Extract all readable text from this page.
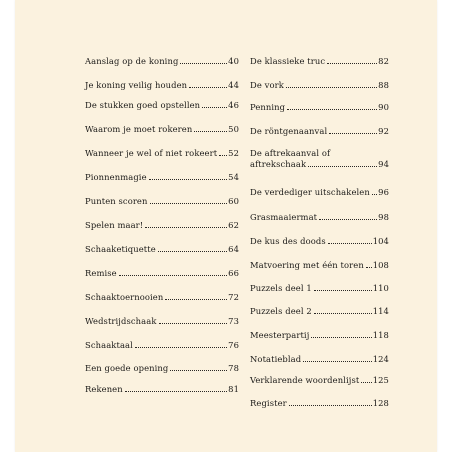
Aanslag op de koning	40
Je koning veilig houden	44
De stukken goed opstellen	46
Waarom je moet rokeren	50
Wanneer je wel of niet rokeert 52
Pionnenmagie	54
Punten scoren	60
Spelen maar!	62
Schaaketiquette	64
Remise	66
Schaaktoernooien	72
Wedstrijdschaak	73
Schaaktaal	76
Een goede opening	78
Rekenen	81
De klassieke truc	82
De vork	88
Penning	90
De röntgenaanval	92
De aftrekaanval of
aftrekschaak	94
De verdediger uitschakelen 96
Grasmaaiermat	98
De kus des doods	104
Matvoering met één toren 108
Puzzels deel 1	110
Puzzels deel 2	114
Meesterpartij	118
Notatieblad	124
Verklarende woordenlijst 125
Register	128
